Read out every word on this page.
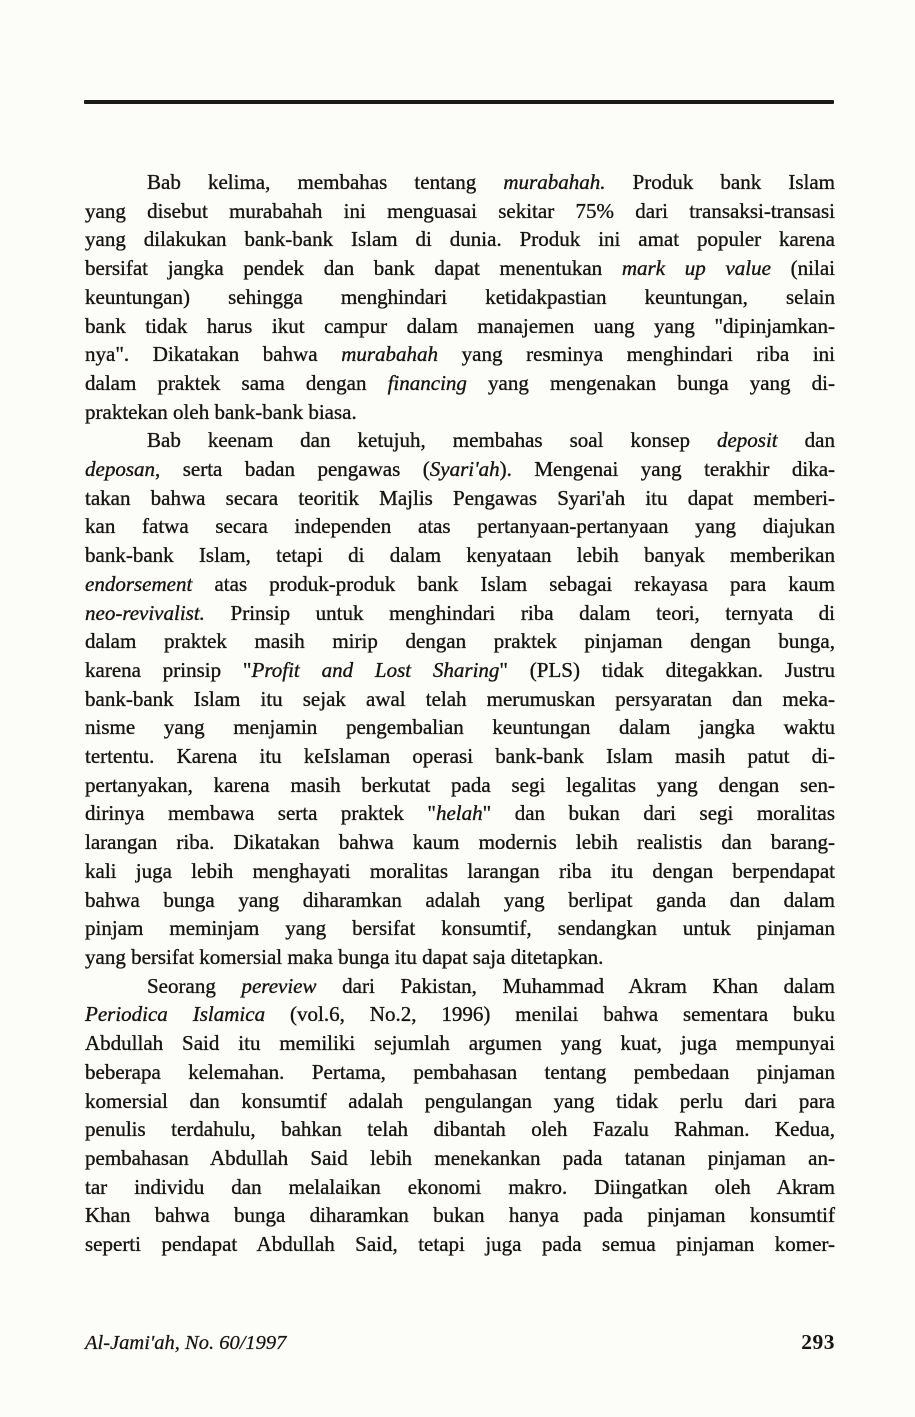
Bab kelima, membahas tentang murabahah. Produk bank Islam
yang disebut murabahah ini menguasai sekitar 75% dari transaksi-transasi
yang dilakukan bank-bank Islam di dunia. Produk ini amat populer karena
bersifat jangka pendek dan bank dapat menentukan mark up value (nilai
keuntungan) sehingga menghindari ketidakpastian keuntungan, selain
bank tidak harus ikut campur dalam manajemen uang yang "dipinjamkan-
nya". Dikatakan bahwa murabahah yang resminya menghindari riba ini
dalam praktek sama dengan financing yang mengenakan bunga yang di-
praktekan oleh bank-bank biasa.
Bab keenam dan ketujuh, membahas soal konsep deposit dan
deposan, serta badan pengawas (Syari'ah). Mengenai yang terakhir dika-
takan bahwa secara teoritik Majlis Pengawas Syari'ah itu dapat memberi-
kan fatwa secara independen atas pertanyaan-pertanyaan yang diajukan
bank-bank Islam, tetapi di dalam kenyataan lebih banyak memberikan
endorsement atas produk-produk bank Islam sebagai rekayasa para kaum
neo-revivalist. Prinsip untuk menghindari riba dalam teori, ternyata di
dalam praktek masih mirip dengan praktek pinjaman dengan bunga,
karena prinsip "Profit and Lost Sharing" (PLS) tidak ditegakkan. Justru
bank-bank Islam itu sejak awal telah merumuskan persyaratan dan meka-
nisme yang menjamin pengembalian keuntungan dalam jangka waktu
tertentu. Karena itu keIslaman operasi bank-bank Islam masih patut di-
pertanyakan, karena masih berkutat pada segi legalitas yang dengan sen-
dirinya membawa serta praktek "helah" dan bukan dari segi moralitas
larangan riba. Dikatakan bahwa kaum modernis lebih realistis dan barang-
kali juga lebih menghayati moralitas larangan riba itu dengan berpendapat
bahwa bunga yang diharamkan adalah yang berlipat ganda dan dalam
pinjam meminjam yang bersifat konsumtif, sendangkan untuk pinjaman
yang bersifat komersial maka bunga itu dapat saja ditetapkan.
Seorang pereview dari Pakistan, Muhammad Akram Khan dalam
Periodica Islamica (vol.6, No.2, 1996) menilai bahwa sementara buku
Abdullah Said itu memiliki sejumlah argumen yang kuat, juga mempunyai
beberapa kelemahan. Pertama, pembahasan tentang pembedaan pinjaman
komersial dan konsumtif adalah pengulangan yang tidak perlu dari para
penulis terdahulu, bahkan telah dibantah oleh Fazalu Rahman. Kedua,
pembahasan Abdullah Said lebih menekankan pada tatanan pinjaman an-
tar individu dan melalaikan ekonomi makro. Diingatkan oleh Akram
Khan bahwa bunga diharamkan bukan hanya pada pinjaman konsumtif
seperti pendapat Abdullah Said, tetapi juga pada semua pinjaman komer-
Al-Jami'ah, No. 60/1997	293
